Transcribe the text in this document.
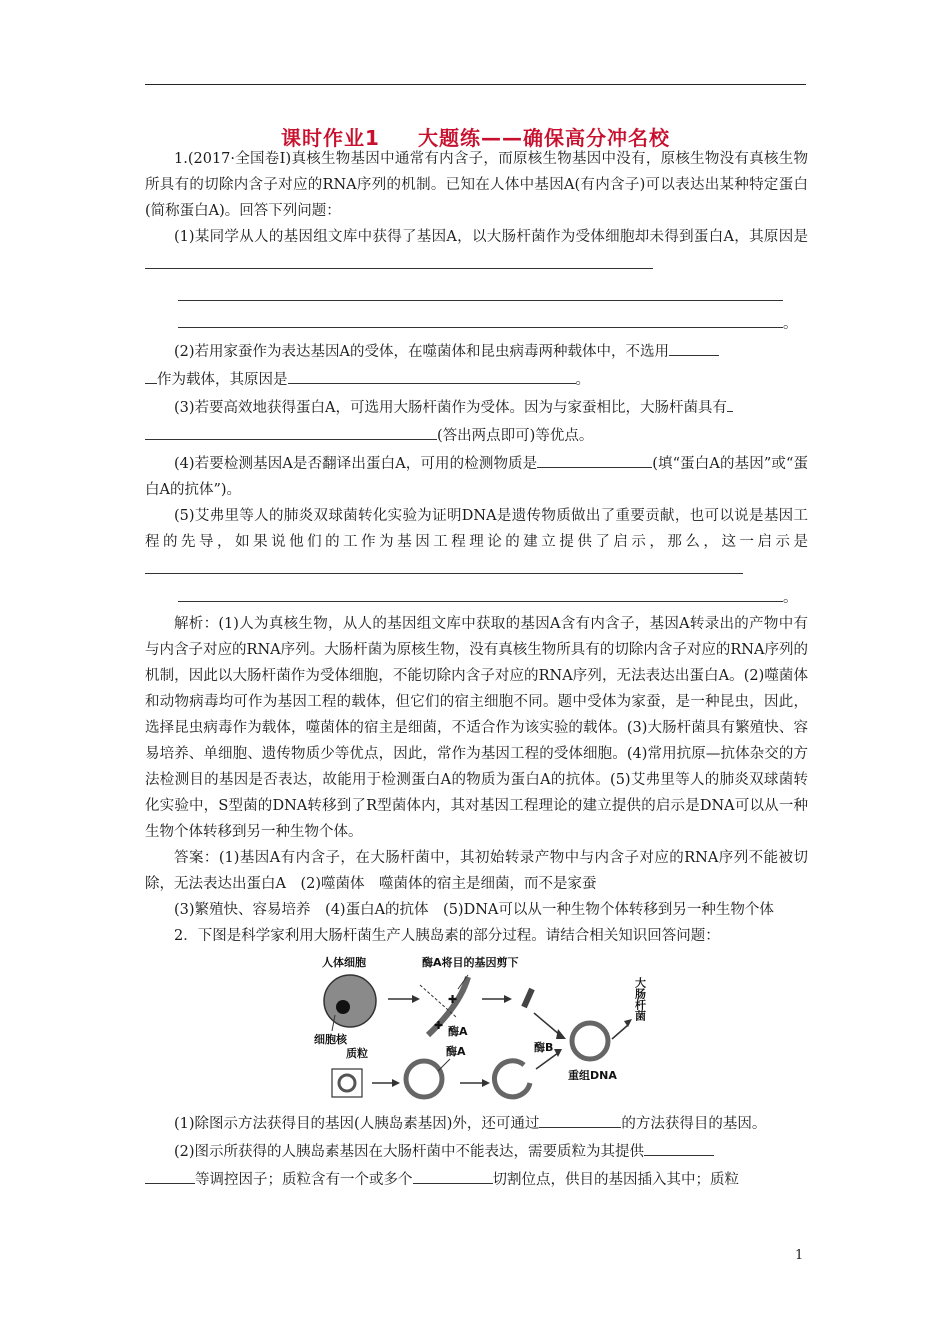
课时作业1 大题练——确保高分冲名校

1.(2017·全国卷Ⅰ)真核生物基因中通常有内含子，而原核生物基因中没有，原核生物没有真核生物所具有的切除内含子对应的RNA序列的机制。已知在人体中基因A(有内含子)可以表达出某种特定蛋白(简称蛋白A)。回答下列问题：

(1)某同学从人的基因组文库中获得了基因A，以大肠杆菌作为受体细胞却未得到蛋白A，其原因是

。

(2)若用家蚕作为表达基因A的受体，在噬菌体和昆虫病毒两种载体中，不选用

作为载体，其原因是	。

(3)若要高效地获得蛋白A，可选用大肠杆菌作为受体。因为与家蚕相比，大肠杆菌具有

(答出两点即可)等优点。

(4)若要检测基因A是否翻译出蛋白A，可用的检测物质是	(填“蛋白A的基因”或“蛋白A的抗体”)。

(5)艾弗里等人的肺炎双球菌转化实验为证明DNA是遗传物质做出了重要贡献，也可以说是基因工程的先导，如果说他们的工作为基因工程理论的建立提供了启示，那么，这一启示是

。

解析：(1)人为真核生物，从人的基因组文库中获取的基因A含有内含子，基因A转录出的产物中有与内含子对应的RNA序列。大肠杆菌为原核生物，没有真核生物所具有的切除内含子对应的RNA序列的机制，因此以大肠杆菌作为受体细胞，不能切除内含子对应的RNA序列，无法表达出蛋白A。(2)噬菌体和动物病毒均可作为基因工程的载体，但它们的宿主细胞不同。题中受体为家蚕，是一种昆虫，因此，选择昆虫病毒作为载体，噬菌体的宿主是细菌，不适合作为该实验的载体。(3)大肠杆菌具有繁殖快、容易培养、单细胞、遗传物质少等优点，因此，常作为基因工程的受体细胞。(4)常用抗原—抗体杂交的方法检测目的基因是否表达，故能用于检测蛋白A的物质为蛋白A的抗体。(5)艾弗里等人的肺炎双球菌转化实验中，S型菌的DNA转移到了R型菌体内，其对基因工程理论的建立提供的启示是DNA可以从一种生物个体转移到另一种生物个体。

答案：(1)基因A有内含子，在大肠杆菌中，其初始转录产物中与内含子对应的RNA序列不能被切除，无法表达出蛋白A　(2)噬菌体　噬菌体的宿主是细菌，而不是家蚕

(3)繁殖快、容易培养　(4)蛋白A的抗体　(5)DNA可以从一种生物个体转移到另一种生物个体

2．下图是科学家利用大肠杆菌生产人胰岛素的部分过程。请结合相关知识回答问题：

人体细胞
细胞核
酶A将目的基因剪下
✚
✚ 酶A
酶B
重组DNA
大肠杆菌
质粒	酶A

(1)除图示方法获得目的基因(人胰岛素基因)外，还可通过	的方法获得目的基因。

(2)图示所获得的人胰岛素基因在大肠杆菌中不能表达，需要质粒为其提供

等调控因子；质粒含有一个或多个	切割位点，供目的基因插入其中；质粒

1
